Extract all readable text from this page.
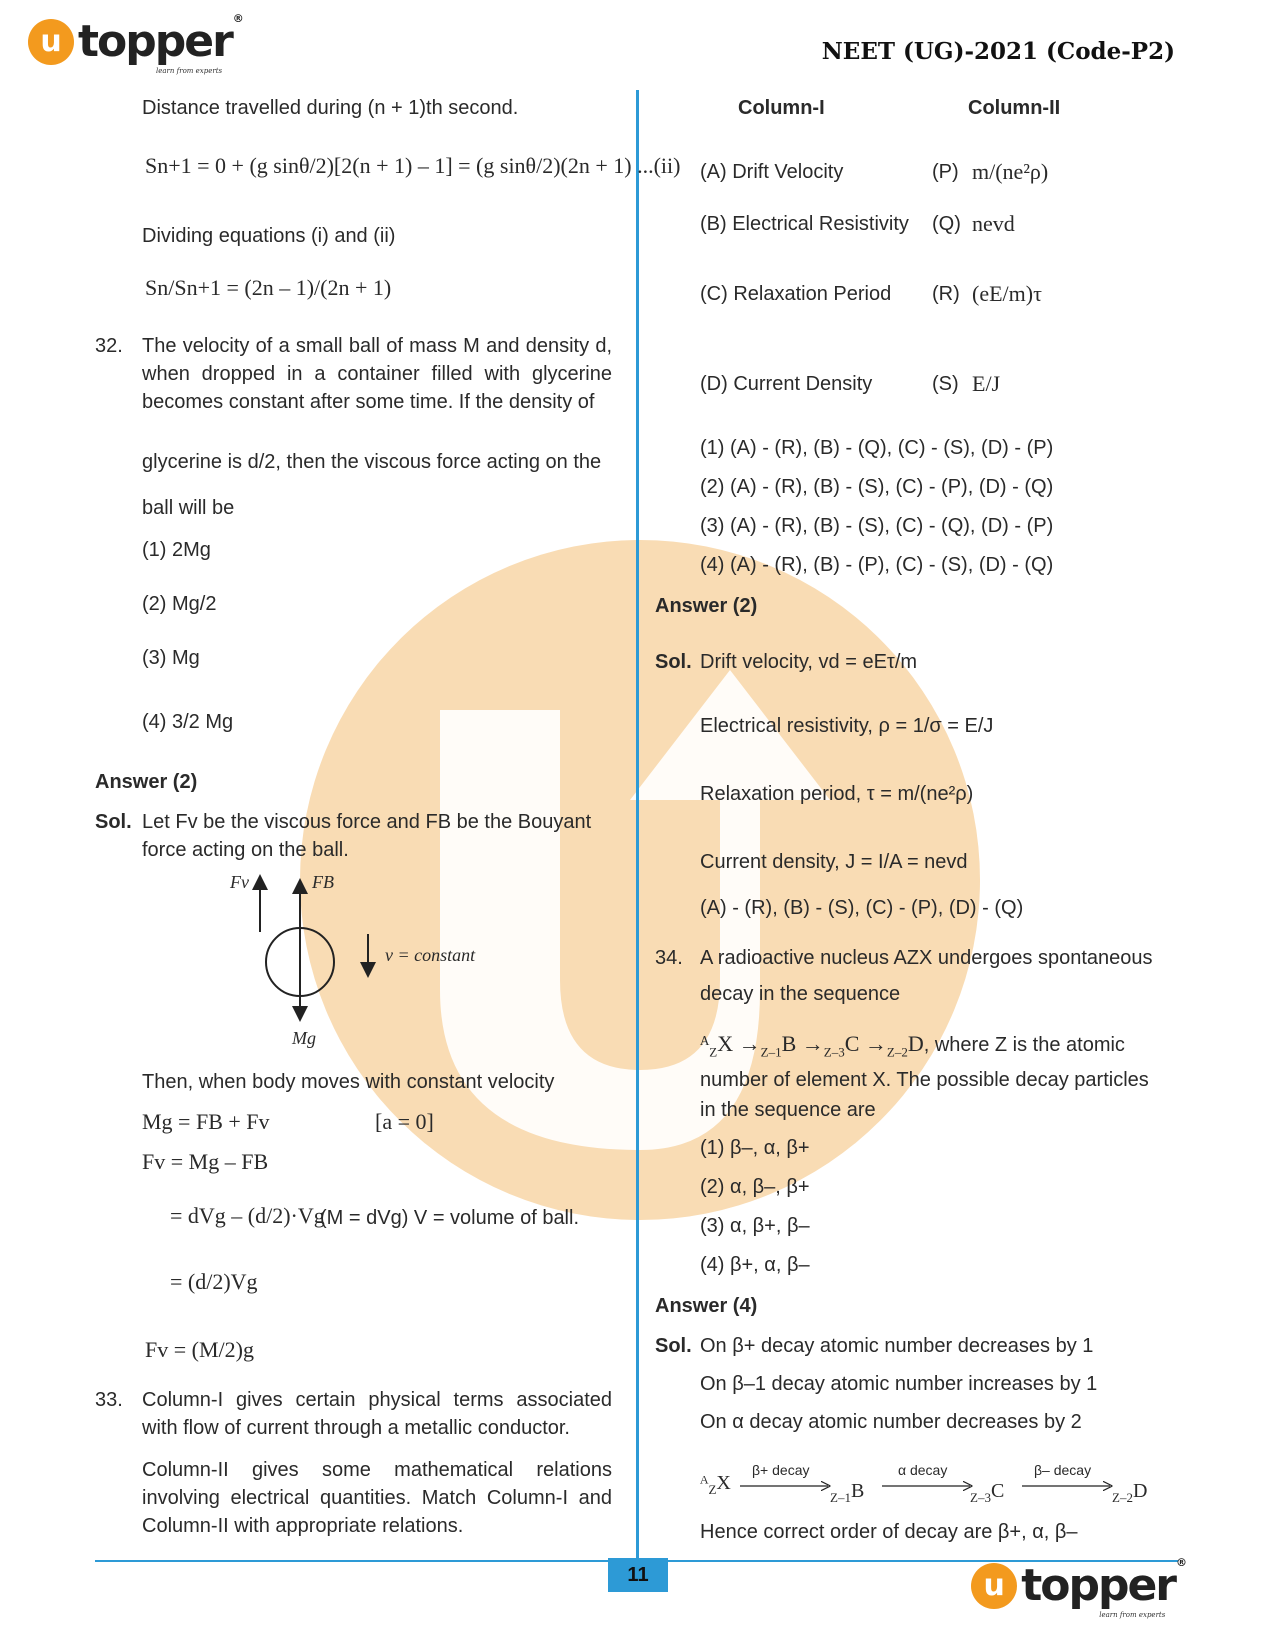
u topper ®
learn from experts
NEET (UG)-2021 (Code-P2)
11	u topper ®
learn from experts
Distance travelled during (n + 1)th second.
Sn+1 = 0 + (g sinθ/2)[2(n + 1) – 1] = (g sinθ/2)(2n + 1) ...(ii)
Dividing equations (i) and (ii)
Sn/Sn+1 = (2n – 1)/(2n + 1)
32. The velocity of a small ball of mass M and density d, when dropped in a container filled with glycerine becomes constant after some time. If the density of
glycerine is d/2, then the viscous force acting on the
ball will be
(1) 2Mg
(2) Mg/2
(3) Mg
(4) 3/2 Mg
Answer (2)
Sol. Let Fv be the viscous force and FB be the Bouyant
force acting on the ball.
Fv	FB
v = constant
Mg
Then, when body moves with constant velocity
Mg = FB + Fv	[a = 0]
Fv = Mg – FB
= dVg – (d/2)·Vg
(M = dVg) V = volume of ball.
= (d/2)Vg
Fv = (M/2)g
33. Column-I gives certain physical terms associated with flow of current through a metallic conductor.
Column-II gives some mathematical relations involving electrical quantities. Match Column-I and Column-II with appropriate relations.
Column-I	Column-II
(A) Drift Velocity	(P) m/(ne²ρ)
(B) Electrical Resistivity (Q) nevd
(C) Relaxation Period (R) (eE/m)τ
(D) Current Density	(S) E/J
(1) (A) - (R), (B) - (Q), (C) - (S), (D) - (P)
(2) (A) - (R), (B) - (S), (C) - (P), (D) - (Q)
(3) (A) - (R), (B) - (S), (C) - (Q), (D) - (P)
(4) (A) - (R), (B) - (P), (C) - (S), (D) - (Q)
Answer (2)
Sol. Drift velocity, vd = eEτ/m
Electrical resistivity, ρ = 1/σ = E/J
Relaxation period, τ = m/(ne²ρ)
Current density, J = I/A = nevd
(A) - (R), (B) - (S), (C) - (P), (D) - (Q)
34. A radioactive nucleus AZX undergoes spontaneous
decay in the sequence
ᴬ$_Z$X $\to_{Z-1}B \to_{Z-3}C \to_{Z-2}D$, where Z is the atomic
number of element X. The possible decay particles
in the sequence are
(1) β–, α, β+
(2) α, β–, β+
(3) α, β+, β–
(4) β+, α, β–
Answer (4)
Sol. On β+ decay atomic number decreases by 1
On β–1 decay atomic number increases by 1
On α decay atomic number decreases by 2
ᴬ$_Z$X
β+ decay	α decay	β– decay
$_{Z-1}$B	$_{Z-3}$C	$_{Z-2}$D
Hence correct order of decay are β+, α, β–
